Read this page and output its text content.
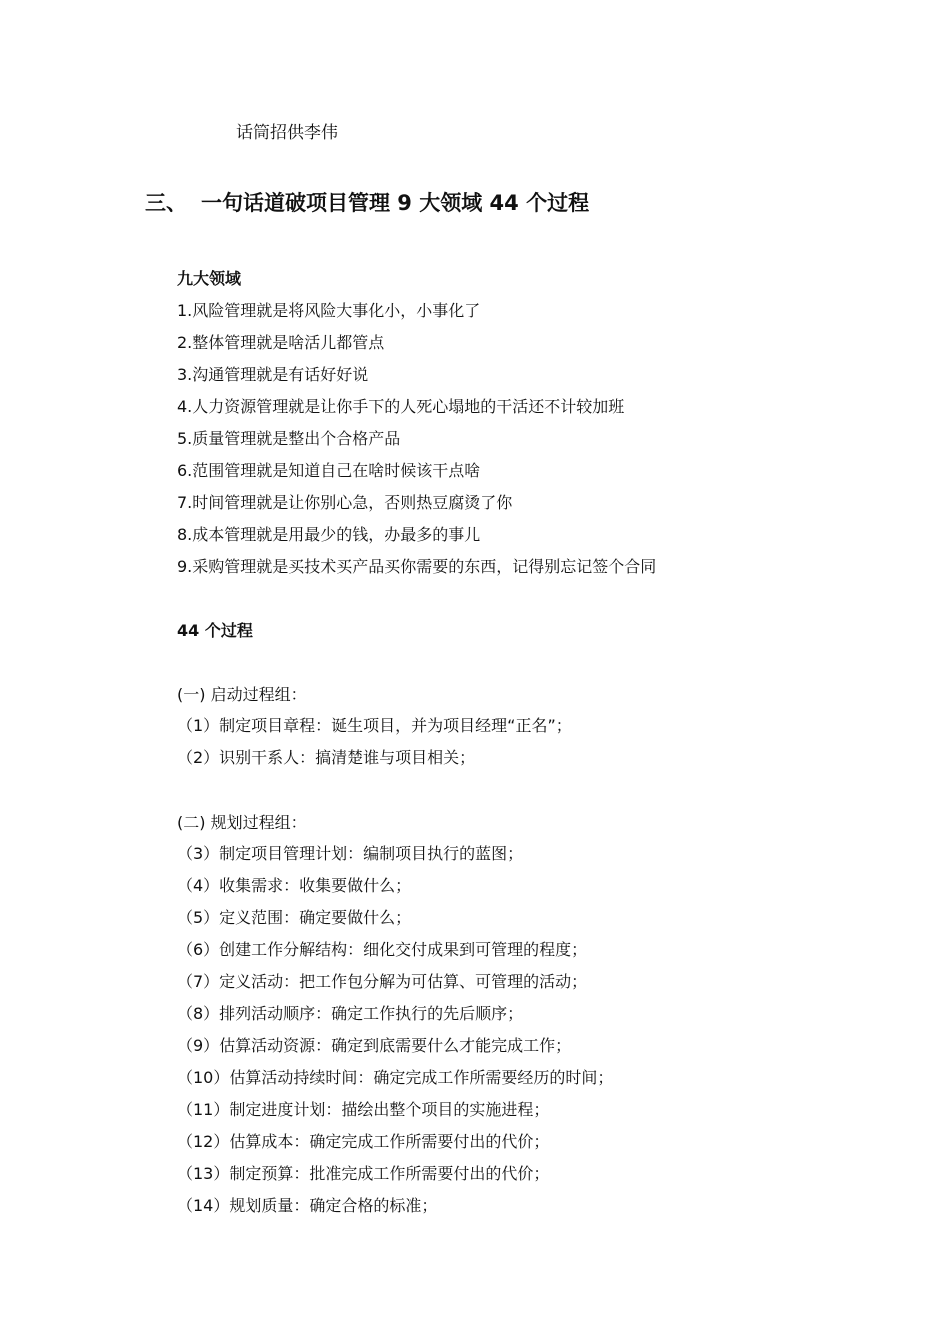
话筒招供李伟
三、 一句话道破项目管理 9 大领域 44 个过程
九大领域
1.风险管理就是将风险大事化小，小事化了
2.整体管理就是啥活儿都管点
3.沟通管理就是有话好好说
4.人力资源管理就是让你手下的人死心塌地的干活还不计较加班
5.质量管理就是整出个合格产品
6.范围管理就是知道自己在啥时候该干点啥
7.时间管理就是让你别心急，否则热豆腐烫了你
8.成本管理就是用最少的钱，办最多的事儿
9.采购管理就是买技术买产品买你需要的东西，记得别忘记签个合同
44 个过程
(一) 启动过程组：
（1）制定项目章程：诞生项目，并为项目经理“正名”；
（2）识别干系人：搞清楚谁与项目相关；
(二) 规划过程组：
（3）制定项目管理计划：编制项目执行的蓝图；
（4）收集需求：收集要做什么；
（5）定义范围：确定要做什么；
（6）创建工作分解结构：细化交付成果到可管理的程度；
（7）定义活动：把工作包分解为可估算、可管理的活动；
（8）排列活动顺序：确定工作执行的先后顺序；
（9）估算活动资源：确定到底需要什么才能完成工作；
（10）估算活动持续时间：确定完成工作所需要经历的时间；
（11）制定进度计划：描绘出整个项目的实施进程；
（12）估算成本：确定完成工作所需要付出的代价；
（13）制定预算：批准完成工作所需要付出的代价；
（14）规划质量：确定合格的标准；
